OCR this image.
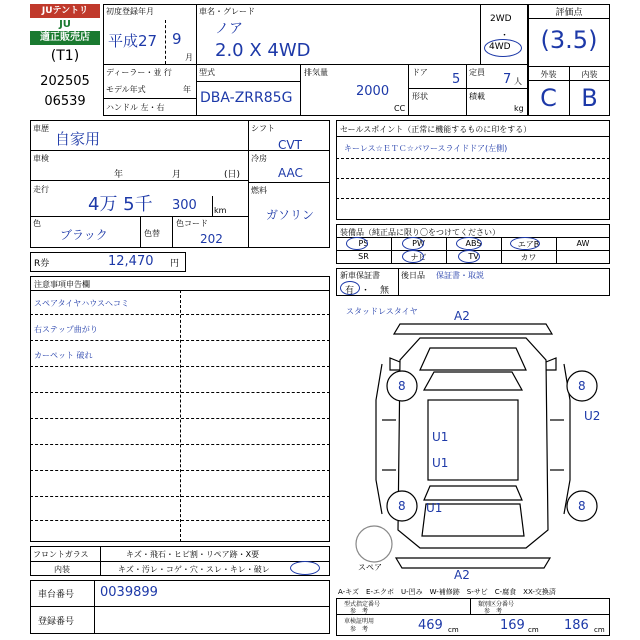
JUテントリ
JU
適正販売店
(T1)
202505
06539
初度登録年月
平成27 9
月
車名・グレード
ノア
2.0 X 4WD
2WD
・
4WD
評価点
(3.5)
外装	内装
C	B
ディーラー・並 行
モデル年式	年
ハンドル 左・右
型式
DBA-ZRR85G
排気量
2000
CC
ドア 5 定員 7 人
形状	積載
kg
車歴
自家用
車検
年	月	(日)
走行
4万 5千 300 km
色
ブラック	色替
色コード
202
シフト
CVT
冷房
AAC
燃料
ガソリン
R券	12,470 円
セールスポイント（正常に機能するものに印をする）
キーレス☆ＥＴＣ☆パワースライドドア(左側)
装備品（純正品に限り〇をつけてください）
PS	PW	ABS	エアB	AW
SR	ナビ	TV	カワ
新車保証書
有 ・ 無
後日品 保証書・取説
注意事項申告欄
スペアタイヤハウスヘコミ
右ステップ曲がり
カーペット 破れ
スタッドレスタイヤ	A2
8	8
U2
U1
U1
8	8
U1
A2
スペア
A-キズ　E-エクボ　U-凹み　W-補修跡　S-サビ　C-腐食　XX-交換済
フロントガラス	キズ・飛石・ヒビ割・リペア跡・X要
内装	キズ・汚レ・コゲ・穴・スレ・キレ・破レ
車台番号 0039899
登録番号
型式指定番号
参　考
類別区分番号
参　考
車検証明用
参　考	469 cm	169 cm 186 cm
